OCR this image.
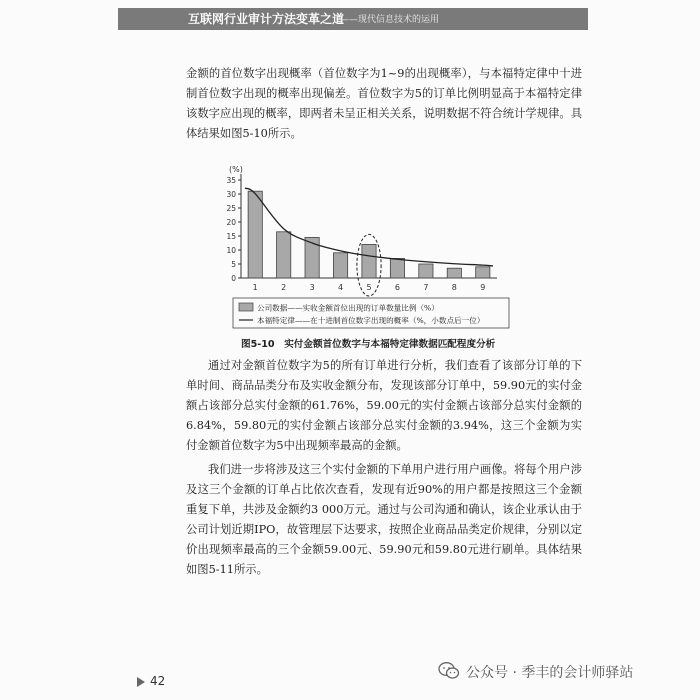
互联网行业审计方法变革之道
——现代信息技术的运用
金额的首位数字出现概率（首位数字为1~9的出现概率），与本福特定律中十进制首位数字出现的概率出现偏差。首位数字为5的订单比例明显高于本福特定律该数字应出现的概率，即两者未呈正相关关系，说明数据不符合统计学规律。具体结果如图5-10所示。
(%)
0
5
10
15
20
25
30
35
1	2	3	4	5	6	7	8	9
公司数据——实收金额首位出现的订单数量比例（%）
本福特定律——在十进制首位数字出现的概率（%，小数点后一位）
图5-10　实付金额首位数字与本福特定律数据匹配程度分析
通过对金额首位数字为5的所有订单进行分析，我们查看了该部分订单的下单时间、商品品类分布及实收金额分布，发现该部分订单中，59.90元的实付金额占该部分总实付金额的61.76%，59.00元的实付金额占该部分总实付金额的6.84%，59.80元的实付金额占该部分总实付金额的3.94%，这三个金额为实付金额首位数字为5中出现频率最高的金额。
我们进一步将涉及这三个实付金额的下单用户进行用户画像。将每个用户涉及这三个金额的订单占比依次查看，发现有近90%的用户都是按照这三个金额重复下单，共涉及金额约3 000万元。通过与公司沟通和确认，该企业承认由于公司计划近期IPO，故管理层下达要求，按照企业商品品类定价规律，分别以定价出现频率最高的三个金额59.00元、59.90元和59.80元进行刷单。具体结果如图5-11所示。
42	公众号 · 季丰的会计师驿站
